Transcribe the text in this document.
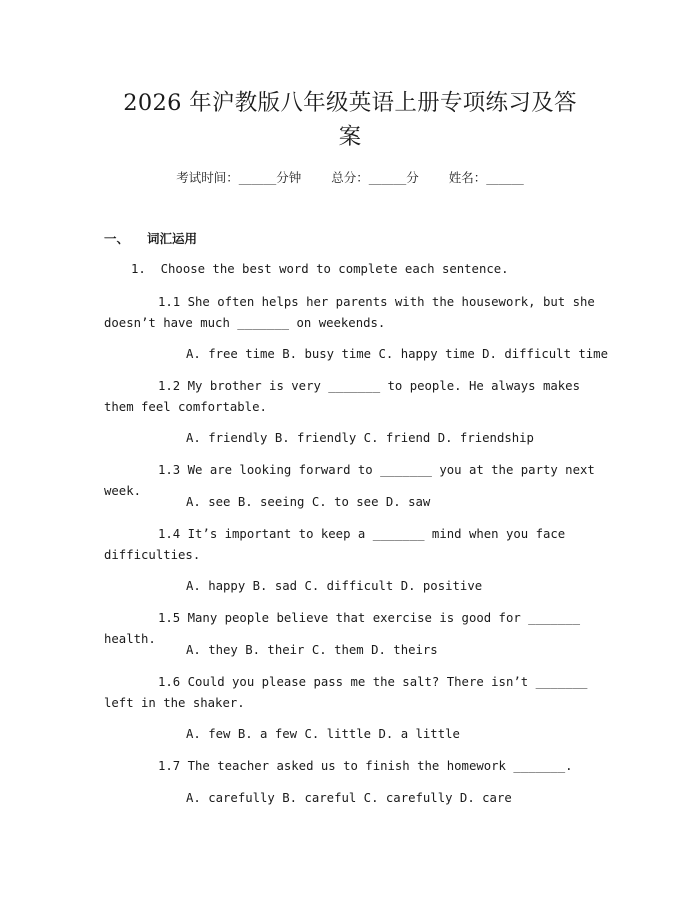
2026 年沪教版八年级英语上册专项练习及答
案
考试时间：______分钟 总分：______分 姓名：______
一、 词汇运用
1.  Choose the best word to complete each sentence.
1.1 She often helps her parents with the housework, but she doesn’t have much _______ on weekends.
A. free time B. busy time C. happy time D. difficult time
1.2 My brother is very _______ to people. He always makes them feel comfortable.
A. friendly B. friendly C. friend D. friendship
1.3 We are looking forward to _______ you at the party next week.
A. see B. seeing C. to see D. saw
1.4 It’s important to keep a _______ mind when you face difficulties.
A. happy B. sad C. difficult D. positive
1.5 Many people believe that exercise is good for _______ health.
A. they B. their C. them D. theirs
1.6 Could you please pass me the salt? There isn’t _______ left in the shaker.
A. few B. a few C. little D. a little
1.7 The teacher asked us to finish the homework _______.
A. carefully B. careful C. carefully D. care
